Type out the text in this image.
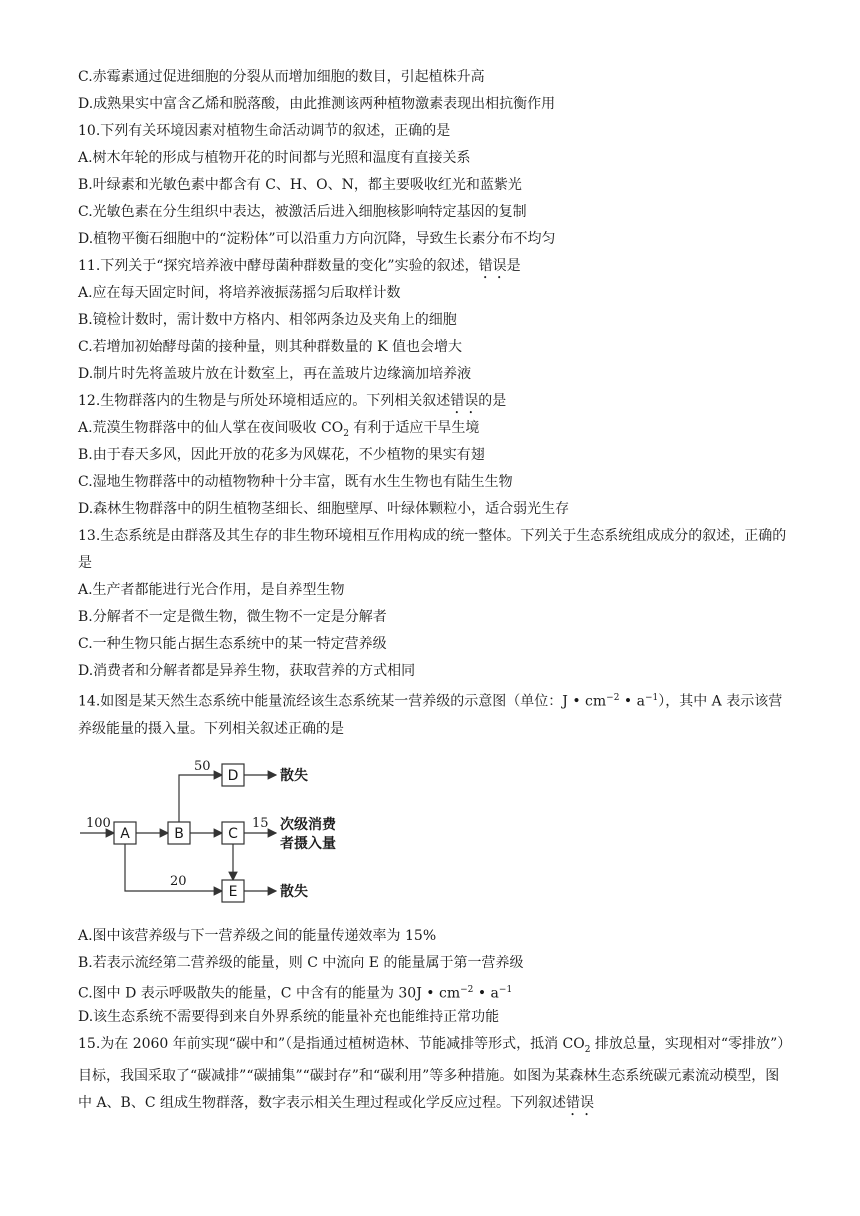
C.赤霉素通过促进细胞的分裂从而增加细胞的数目，引起植株升高
D.成熟果实中富含乙烯和脱落酸，由此推测该两种植物激素表现出相抗衡作用
10.下列有关环境因素对植物生命活动调节的叙述，正确的是
A.树木年轮的形成与植物开花的时间都与光照和温度有直接关系
B.叶绿素和光敏色素中都含有 C、H、O、N，都主要吸收红光和蓝紫光
C.光敏色素在分生组织中表达，被激活后进入细胞核影响特定基因的复制
D.植物平衡石细胞中的“淀粉体”可以沿重力方向沉降，导致生长素分布不均匀
11.下列关于“探究培养液中酵母菌种群数量的变化”实验的叙述，错误是
A.应在每天固定时间，将培养液振荡摇匀后取样计数
B.镜检计数时，需计数中方格内、相邻两条边及夹角上的细胞
C.若增加初始酵母菌的接种量，则其种群数量的 K 值也会增大
D.制片时先将盖玻片放在计数室上，再在盖玻片边缘滴加培养液
12.生物群落内的生物是与所处环境相适应的。下列相关叙述错误的是
A.荒漠生物群落中的仙人掌在夜间吸收 $CO_2$ 有利于适应干旱生境
B.由于春天多风，因此开放的花多为风媒花，不少植物的果实有翅
C.湿地生物群落中的动植物物种十分丰富，既有水生生物也有陆生生物
D.森林生物群落中的阴生植物茎细长、细胞壁厚、叶绿体颗粒小，适合弱光生存
13.生态系统是由群落及其生存的非生物环境相互作用构成的统一整体。下列关于生态系统组成成分的叙述，正确的是
A.生产者都能进行光合作用，是自养型生物
B.分解者不一定是微生物，微生物不一定是分解者
C.一种生物只能占据生态系统中的某一特定营养级
D.消费者和分解者都是异养生物，获取营养的方式相同
14.如图是某天然生态系统中能量流经该生态系统某一营养级的示意图（单位：J • $cm^{-2}$ • $a^{-1}$），其中 A 表示该营养级能量的摄入量。下列相关叙述正确的是
A	B	C
D
E
100
50
15
20
散失
次级消费
者摄入量
散失
A.图中该营养级与下一营养级之间的能量传递效率为 15%
B.若表示流经第二营养级的能量，则 C 中流向 E 的能量属于第一营养级
C.图中 D 表示呼吸散失的能量，C 中含有的能量为 30J • $cm^{-2}$ • $a^{-1}$
D.该生态系统不需要得到来自外界系统的能量补充也能维持正常功能
15.为在 2060 年前实现“碳中和”（是指通过植树造林、节能减排等形式，抵消 $CO_2$ 排放总量，实现相对“零排放”）目标，我国采取了“碳减排”“碳捕集”“碳封存”和“碳利用”等多种措施。如图为某森林生态系统碳元素流动模型，图中 A、B、C 组成生物群落，数字表示相关生理过程或化学反应过程。下列叙述错误
